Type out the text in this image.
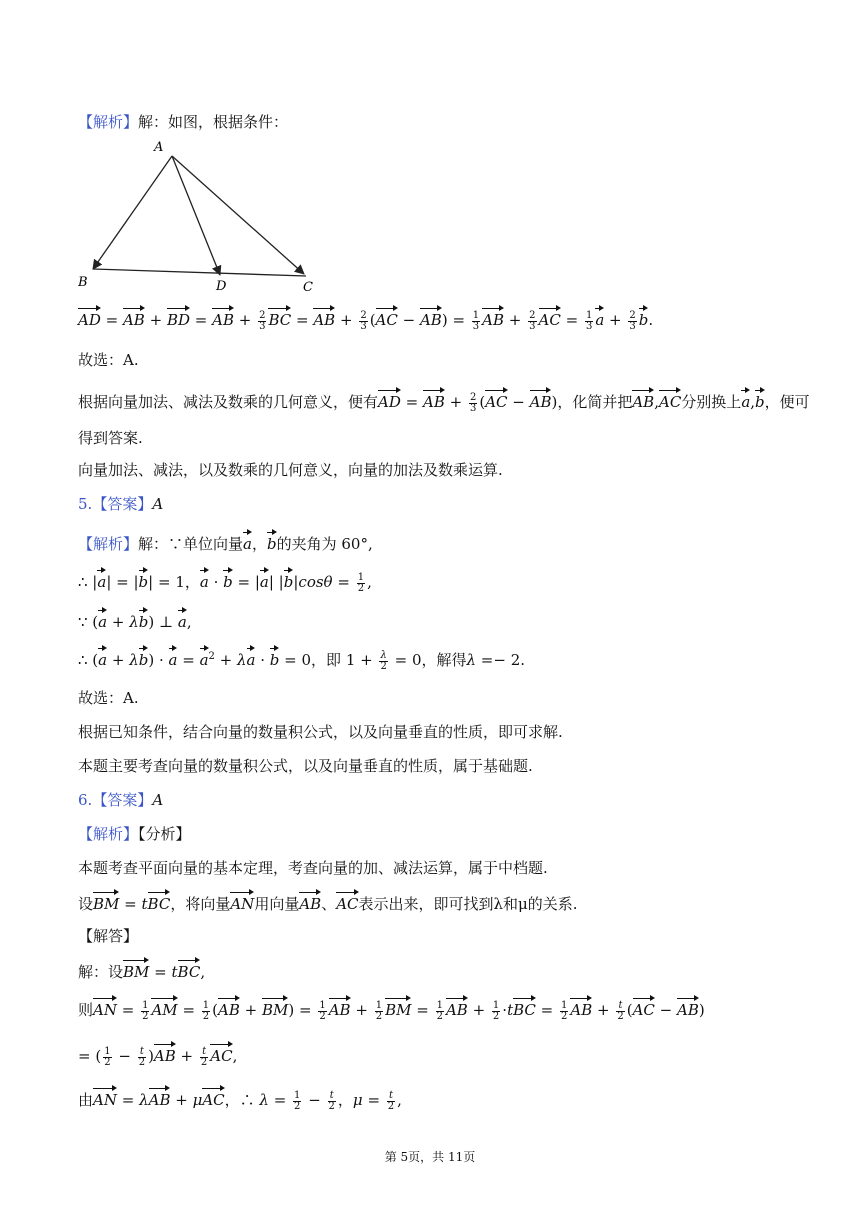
【解析】解：如图，根据条件：
A
B	D	C
AD = AB + BD = AB + $\frac{2}{3}$ BC = AB + $\frac{2}{3} (AC - AB) = \frac{1}{3}$ AB + $\frac{2}{3}$ AC = $\frac{1}{3}$ $a + \frac{2}{3} b$.
故选：A.
根据向量加法、减法及数乘的几何意义，便有AD = AB + $\frac{2}{3} (AC - AB)$，化简并把AB,AC分别换上a,b，便可
得到答案.
向量加法、减法，以及数乘的几何意义，向量的加法及数乘运算.
5.【答案】A
【解析】解：∵单位向量a，b的夹角为 60°,
∴ |a| = |b| = 1，a · b = |a| $|b|\cos\theta = \frac{1}{2}$ ,
∵ (a + λb) ⊥ a,
∴ $(a + \lambda b) \cdot a = a^2 + \lambda a \cdot b = 0$，即 $1 + \frac{\lambda}{2} = 0$，解得λ =− 2.
故选：A.
根据已知条件，结合向量的数量积公式，以及向量垂直的性质，即可求解.
本题主要考查向量的数量积公式，以及向量垂直的性质，属于基础题.
6.【答案】A
【解析】【分析】
本题考查平面向量的基本定理，考查向量的加、减法运算，属于中档题.
设BM = tBC，将向量AN用向量AB、AC表示出来，即可找到λ和μ的关系.
【解答】
解：设BM = tBC,
则AN = $\frac{1}{2}$ AM = $\frac{1}{2} (AB + BM) = \frac{1}{2}$ AB + $\frac{1}{2}$ BM = $\frac{1}{2}$ AB + $\frac{1}{2} \cdot tBC = \frac{1}{2}$ AB + $\frac{t}{2} (AC - AB)$
= ( $\frac{1}{2} - \frac{t}{2} )AB + \frac{t}{2}$ AC,
由AN = λAB + μAC，∴ $\lambda = \frac{1}{2} - \frac{t}{2}$ ，$\mu = \frac{t}{2}$ ,
第 5页，共 11页
